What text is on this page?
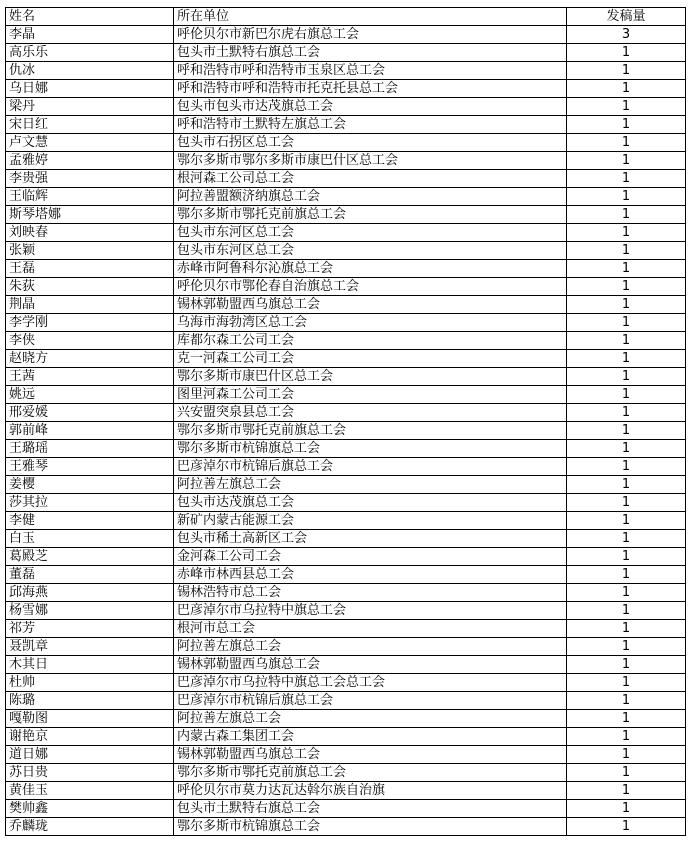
姓名	所在单位	发稿量
李晶	呼伦贝尔市新巴尔虎右旗总工会	3
高乐乐	包头市土默特右旗总工会	1
仇冰	呼和浩特市呼和浩特市玉泉区总工会	1
乌日娜	呼和浩特市呼和浩特市托克托县总工会	1
梁丹	包头市包头市达茂旗总工会	1
宋日红	呼和浩特市土默特左旗总工会	1
卢文慧	包头市石拐区总工会	1
孟雅婷	鄂尔多斯市鄂尔多斯市康巴什区总工会	1
李贵强	根河森工公司总工会	1
王临辉	阿拉善盟额济纳旗总工会	1
斯琴塔娜	鄂尔多斯市鄂托克前旗总工会	1
刘映春	包头市东河区总工会	1
张颖	包头市东河区总工会	1
王磊	赤峰市阿鲁科尔沁旗总工会	1
朱荻	呼伦贝尔市鄂伦春自治旗总工会	1
荆晶	锡林郭勒盟西乌旗总工会	1
李学刚	乌海市海勃湾区总工会	1
李侠	库都尔森工公司工会	1
赵晓方	克一河森工公司工会	1
王茜	鄂尔多斯市康巴什区总工会	1
姚远	图里河森工公司工会	1
邢爱媛	兴安盟突泉县总工会	1
郭前峰	鄂尔多斯市鄂托克前旗总工会	1
王璐瑶	鄂尔多斯市杭锦旗总工会	1
王雅琴	巴彦淖尔市杭锦后旗总工会	1
姜樱	阿拉善左旗总工会	1
莎其拉	包头市达茂旗总工会	1
李健	新矿内蒙古能源工会	1
白玉	包头市稀土高新区工会	1
葛殿芝	金河森工公司工会	1
董磊	赤峰市林西县总工会	1
邱海燕	锡林浩特市总工会	1
杨雪娜	巴彦淖尔市乌拉特中旗总工会	1
祁芳	根河市总工会	1
聂凯章	阿拉善左旗总工会	1
木其日	锡林郭勒盟西乌旗总工会	1
杜帅	巴彦淖尔市乌拉特中旗总工会总工会	1
陈璐	巴彦淖尔市杭锦后旗总工会	1
嘎勒图	阿拉善左旗总工会	1
谢艳京	内蒙古森工集团工会	1
道日娜	锡林郭勒盟西乌旗总工会	1
苏日贵	鄂尔多斯市鄂托克前旗总工会	1
黄佳玉	呼伦贝尔市莫力达瓦达斡尔族自治旗	1
樊帅鑫	包头市土默特右旗总工会	1
乔麟珑	鄂尔多斯市杭锦旗总工会	1
